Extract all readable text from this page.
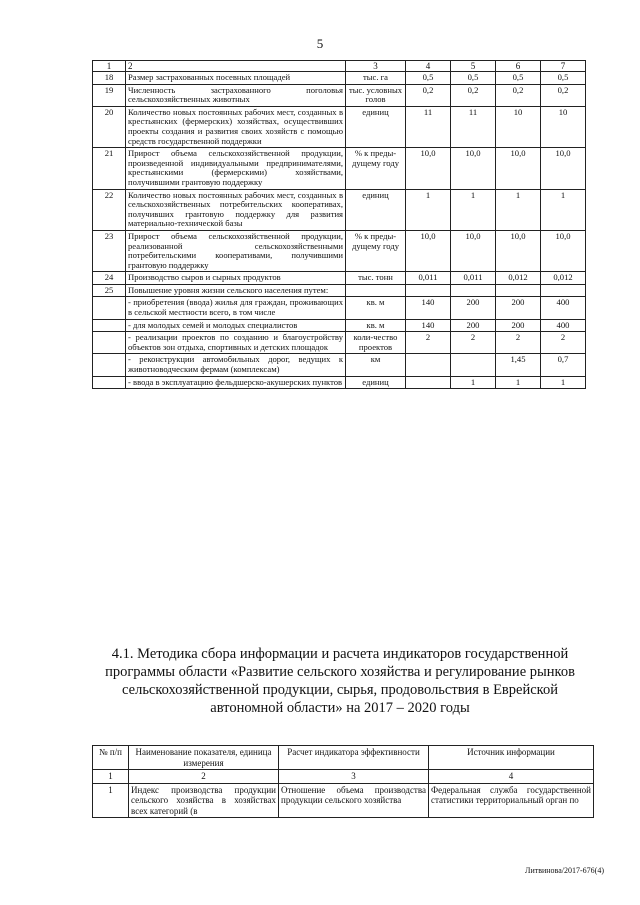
5
1	2	3	4	5	6	7
18	Размер застрахованных посевных площадей	тыс. га	0,5	0,5	0,5	0,5
19	Численность застрахованного поголовья сельскохозяйственных животных	тыс. условных голов	0,2	0,2	0,2	0,2
20	Количество новых постоянных рабочих мест, созданных в крестьянских (фермерских) хозяйствах, осуществивших проекты создания и развития своих хозяйств с помощью средств государственной поддержки	единиц	11	11	10	10
21	Прирост объема сельскохозяйственной продукции, произведенной индивидуальными предпринимателями, крестьянскими (фермерскими) хозяйствами, получившими грантовую поддержку	% к преды-дущему году	10,0	10,0	10,0	10,0
22	Количество новых постоянных рабочих мест, созданных в сельскохозяйственных потребительских кооперативах, получивших грантовую поддержку для развития материально-технической базы	единиц	1	1	1	1
23	Прирост объема сельскохозяйственной продукции, реализованной сельскохозяйственными потребительскими кооперативами, получившими грантовую поддержку	% к преды-дущему году	10,0	10,0	10,0	10,0
24	Производство сыров и сырных продуктов	тыс. тонн	0,011	0,011	0,012	0,012
25	Повышение уровня жизни сельского населения путем:					
	- приобретения (ввода) жилья для граждан, проживающих в сельской местности всего, в том числе	кв. м	140	200	200	400
	- для молодых семей и молодых специалистов	кв. м	140	200	200	400
	- реализации проектов по созданию и благоустройству объектов зон отдыха, спортивных и детских площадок	коли-чество проектов	2	2	2	2
	- реконструкции автомобильных дорог, ведущих к животноводческим фермам (комплексам)	км			1,45	0,7
	- ввода в эксплуатацию фельдшерско-акушерских пунктов	единиц		1	1	1
4.1. Методика сбора информации и расчета индикаторов государственной программы области «Развитие сельского хозяйства и регулирование рынков сельскохозяйственной продукции, сырья, продовольствия в Еврейской автономной области» на 2017 – 2020 годы
№ п/п	Наименование показателя, единица измерения	Расчет индикатора эффективности	Источник информации
1	2	3	4
1	Индекс производства продукции сельского хозяйства в хозяйствах всех категорий (в	Отношение объема производства продукции сельского хозяйства	Федеральная служба государственной статистики территориальный орган по
Литвинова/2017-676(4)
